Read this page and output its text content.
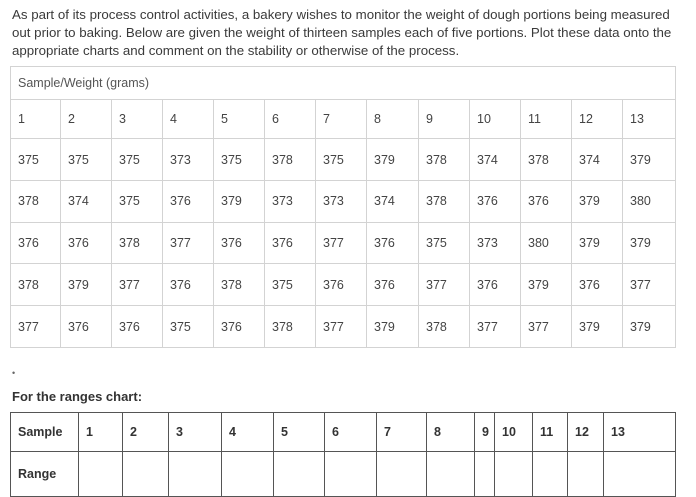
As part of its process control activities, a bakery wishes to monitor the weight of dough portions being measured out prior to baking. Below are given the weight of thirteen samples each of five portions. Plot these data onto the appropriate charts and comment on the stability or otherwise of the process.
Sample/Weight (grams)												
1	2	3	4	5	6	7	8	9	10	11	12	13
375	375	375	373	375	378	375	379	378	374	378	374	379
378	374	375	376	379	373	373	374	378	376	376	379	380
376	376	378	377	376	376	377	376	375	373	380	379	379
378	379	377	376	378	375	376	376	377	376	379	376	377
377	376	376	375	376	378	377	379	378	377	377	379	379
•
For the ranges chart:
Sample	1	2	3	4	5	6	7	8	9	10	11	12	13
Range													
